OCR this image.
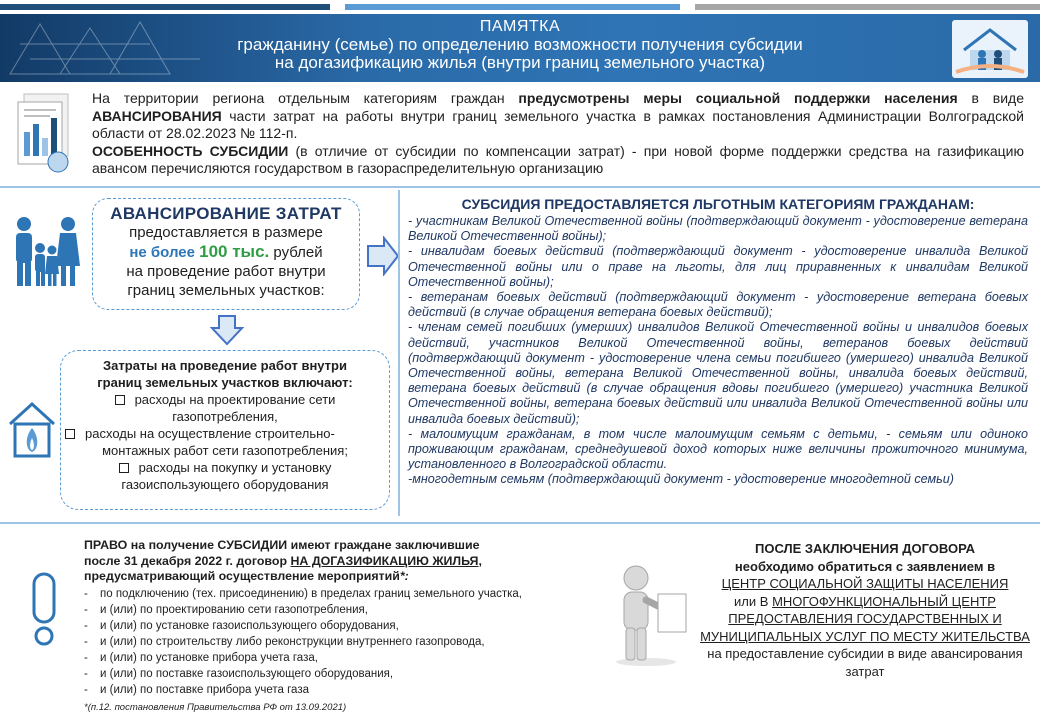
ПАМЯТКА
гражданину (семье) по определению возможности получения субсидии
на догазификацию жилья (внутри границ земельного участка)
На территории региона отдельным категориям граждан предусмотрены меры социальной поддержки населения в виде АВАНСИРОВАНИЯ части затрат на работы внутри границ земельного участка в рамках постановления Администрации Волгоградской области от 28.02.2023 № 112-п.
ОСОБЕННОСТЬ СУБСИДИИ (в отличие от субсидии по компенсации затрат) - при новой форме поддержки средства на газификацию авансом перечисляются государством в газораспределительную организацию
АВАНСИРОВАНИЕ ЗАТРАТ
предоставляется в размере
не более 100 тыс. рублей
на проведение работ внутри
границ земельных участков:
Затраты на проведение работ внутри
границ земельных участков включают:
расходы на проектирование сети
газопотребления,
расходы на осуществление строительно-
монтажных работ сети газопотребления;
расходы на покупку и установку
газоиспользующего оборудования
СУБСИДИЯ ПРЕДОСТАВЛЯЕТСЯ ЛЬГОТНЫМ КАТЕГОРИЯМ ГРАЖДАНАМ:
- участникам Великой Отечественной войны (подтверждающий документ - удостоверение ветерана Великой Отечественной войны);
- инвалидам боевых действий (подтверждающий документ - удостоверение инвалида Великой Отечественной войны или о праве на льготы, для лиц приравненных к инвалидам Великой Отечественной войны);
- ветеранам боевых действий (подтверждающий документ - удостоверение ветерана боевых действий (в случае обращения ветерана боевых действий);
- членам семей погибших (умерших) инвалидов Великой Отечественной войны и инвалидов боевых действий, участников Великой Отечественной войны, ветеранов боевых действий (подтверждающий документ - удостоверение члена семьи погибшего (умершего) инвалида Великой Отечественной войны, ветерана Великой Отечественной войны, инвалида боевых действий, ветерана боевых действий (в случае обращения вдовы погибшего (умершего) участника Великой Отечественной войны, ветерана боевых действий или инвалида Великой Отечественной войны или инвалида боевых действий);
- малоимущим гражданам, в том числе малоимущим семьям с детьми, - семьям или одиноко проживающим гражданам, среднедушевой доход которых ниже величины прожиточного минимума, установленного в Волгоградской области.
-многодетным семьям (подтверждающий документ - удостоверение многодетной семьи)
ПРАВО на получение СУБСИДИИ имеют граждане заключившие
после 31 декабря 2022 г. договор НА ДОГАЗИФИКАЦИЮ ЖИЛЬЯ,
предусматривающий осуществление мероприятий*:
- по подключению (тех. присоединению) в пределах границ земельного участка,
- и (или) по проектированию сети газопотребления,
- и (или) по установке газоиспользующего оборудования,
- и (или) по строительству либо реконструкции внутреннего газопровода,
- и (или) по установке прибора учета газа,
- и (или) по поставке газоиспользующего оборудования,
- и (или) по поставке прибора учета газа
*(п.12. постановления Правительства РФ от 13.09.2021)
ПОСЛЕ ЗАКЛЮЧЕНИЯ ДОГОВОРА
необходимо обратиться с заявлением в
ЦЕНТР СОЦИАЛЬНОЙ ЗАЩИТЫ НАСЕЛЕНИЯ
или В МНОГОФУНКЦИОНАЛЬНЫЙ ЦЕНТР ПРЕДОСТАВЛЕНИЯ ГОСУДАРСТВЕННЫХ И МУНИЦИПАЛЬНЫХ УСЛУГ ПО МЕСТУ ЖИТЕЛЬСТВА на предоставление субсидии в виде авансирования затрат
